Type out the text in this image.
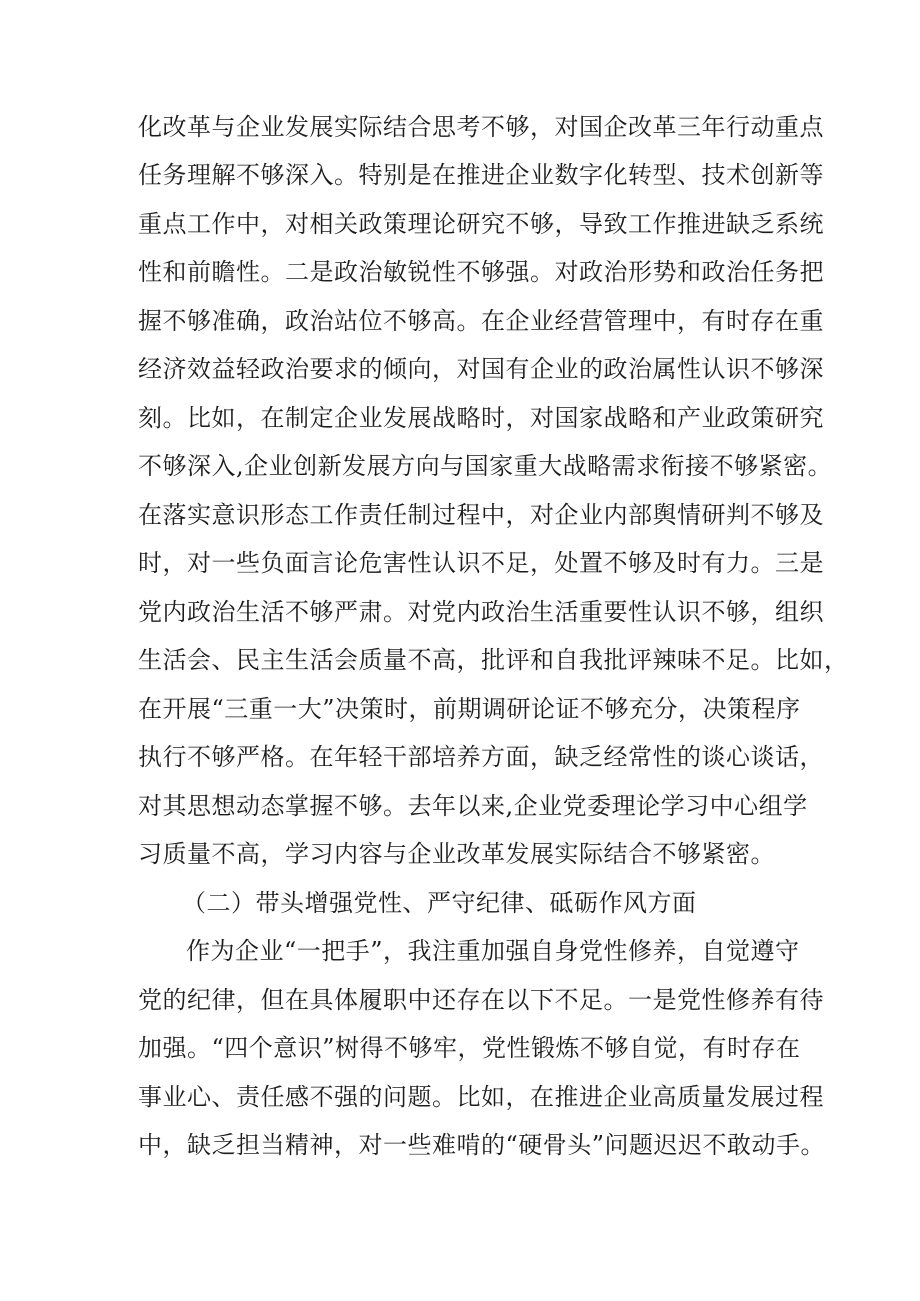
化改革与企业发展实际结合思考不够，对国企改革三年行动重点
任务理解不够深入。特别是在推进企业数字化转型、技术创新等
重点工作中，对相关政策理论研究不够，导致工作推进缺乏系统
性和前瞻性。二是政治敏锐性不够强。对政治形势和政治任务把
握不够准确，政治站位不够高。在企业经营管理中，有时存在重
经济效益轻政治要求的倾向，对国有企业的政治属性认识不够深
刻。比如，在制定企业发展战略时，对国家战略和产业政策研究
不够深入,企业创新发展方向与国家重大战略需求衔接不够紧密。
在落实意识形态工作责任制过程中，对企业内部舆情研判不够及
时，对一些负面言论危害性认识不足，处置不够及时有力。三是
党内政治生活不够严肃。对党内政治生活重要性认识不够，组织
生活会、民主生活会质量不高，批评和自我批评辣味不足。比如，
在开展“三重一大”决策时，前期调研论证不够充分，决策程序
执行不够严格。在年轻干部培养方面，缺乏经常性的谈心谈话，
对其思想动态掌握不够。去年以来,企业党委理论学习中心组学
习质量不高，学习内容与企业改革发展实际结合不够紧密。
（二）带头增强党性、严守纪律、砥砺作风方面
作为企业“一把手”，我注重加强自身党性修养，自觉遵守
党的纪律，但在具体履职中还存在以下不足。一是党性修养有待
加强。“四个意识”树得不够牢，党性锻炼不够自觉，有时存在
事业心、责任感不强的问题。比如，在推进企业高质量发展过程
中，缺乏担当精神，对一些难啃的“硬骨头”问题迟迟不敢动手。
